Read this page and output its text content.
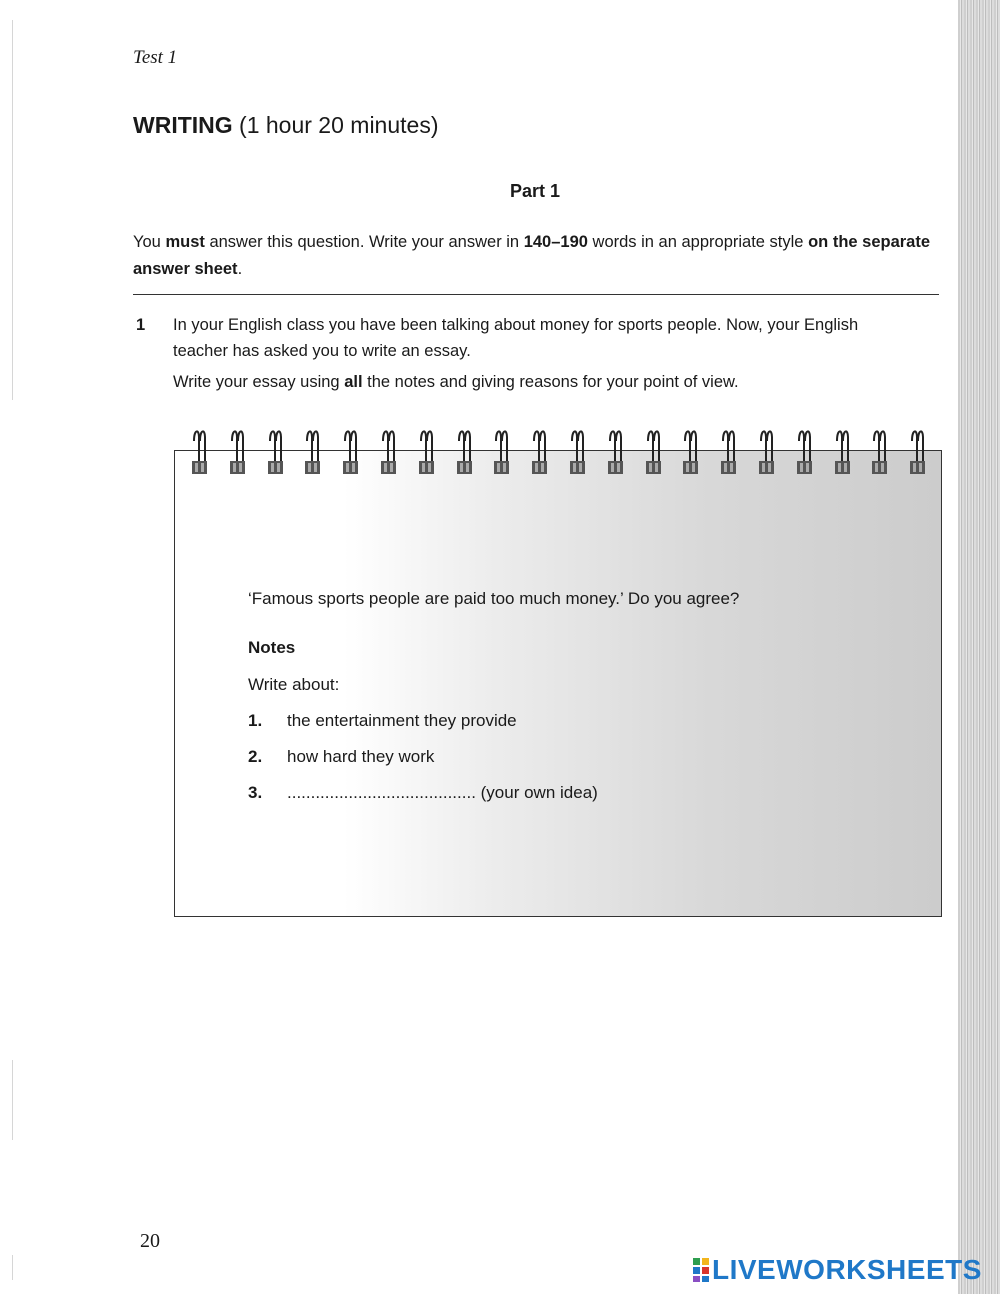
Test 1
WRITING (1 hour 20 minutes)
Part 1
You must answer this question. Write your answer in 140–190 words in an appropriate style on the separate answer sheet.
1 In your English class you have been talking about money for sports people. Now, your English teacher has asked you to write an essay.
Write your essay using all the notes and giving reasons for your point of view.
‘Famous sports people are paid too much money.’ Do you agree?
Notes
Write about:
1. the entertainment they provide
2. how hard they work
3. ........................................ (your own idea)
20
LIVEWORKSHEETS
